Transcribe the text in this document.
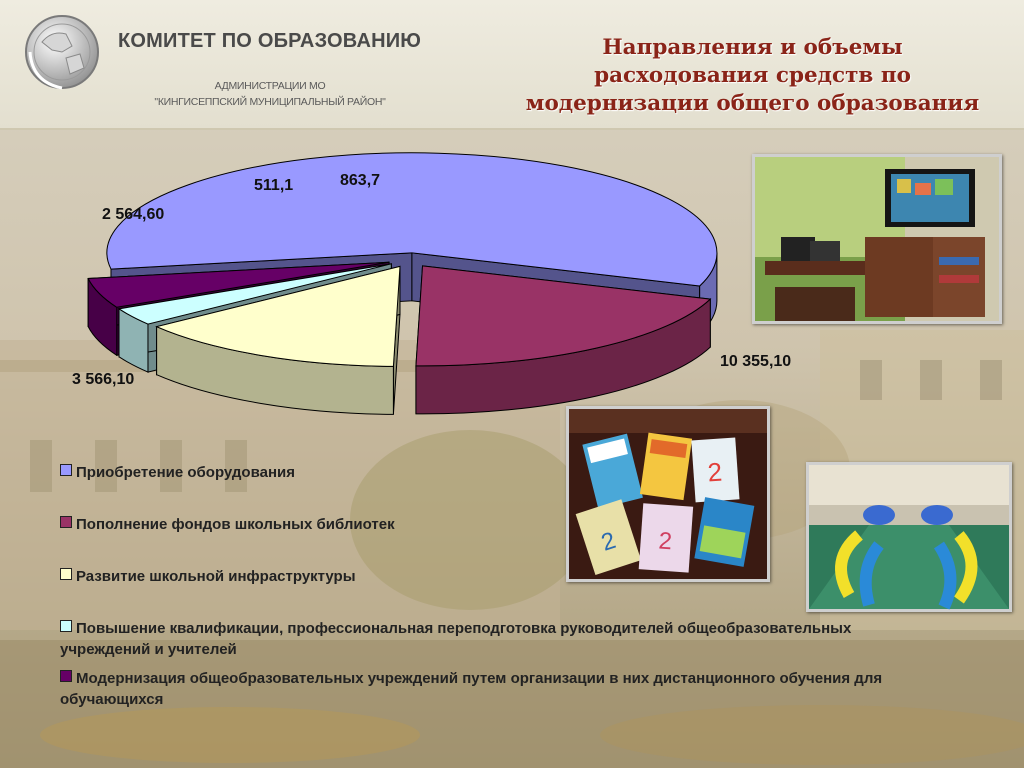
КОМИТЕТ ПО ОБРАЗОВАНИЮ
АДМИНИСТРАЦИИ МО
"КИНГИСЕППСКИЙ МУНИЦИПАЛЬНЫЙ РАЙОН"
Направления и объемы
расходования средств по
модернизации общего образования
10 355,10
3 566,10
2 564,60
511,1	863,7
2
2 2
Приобретение оборудования
Пополнение фондов школьных библиотек
Развитие школьной инфраструктуры
Повышение квалификации, профессиональная переподготовка руководителей общеобразовательных учреждений и учителей
Модернизация общеобразовательных учреждений путем организации в них дистанционного обучения для обучающихся
